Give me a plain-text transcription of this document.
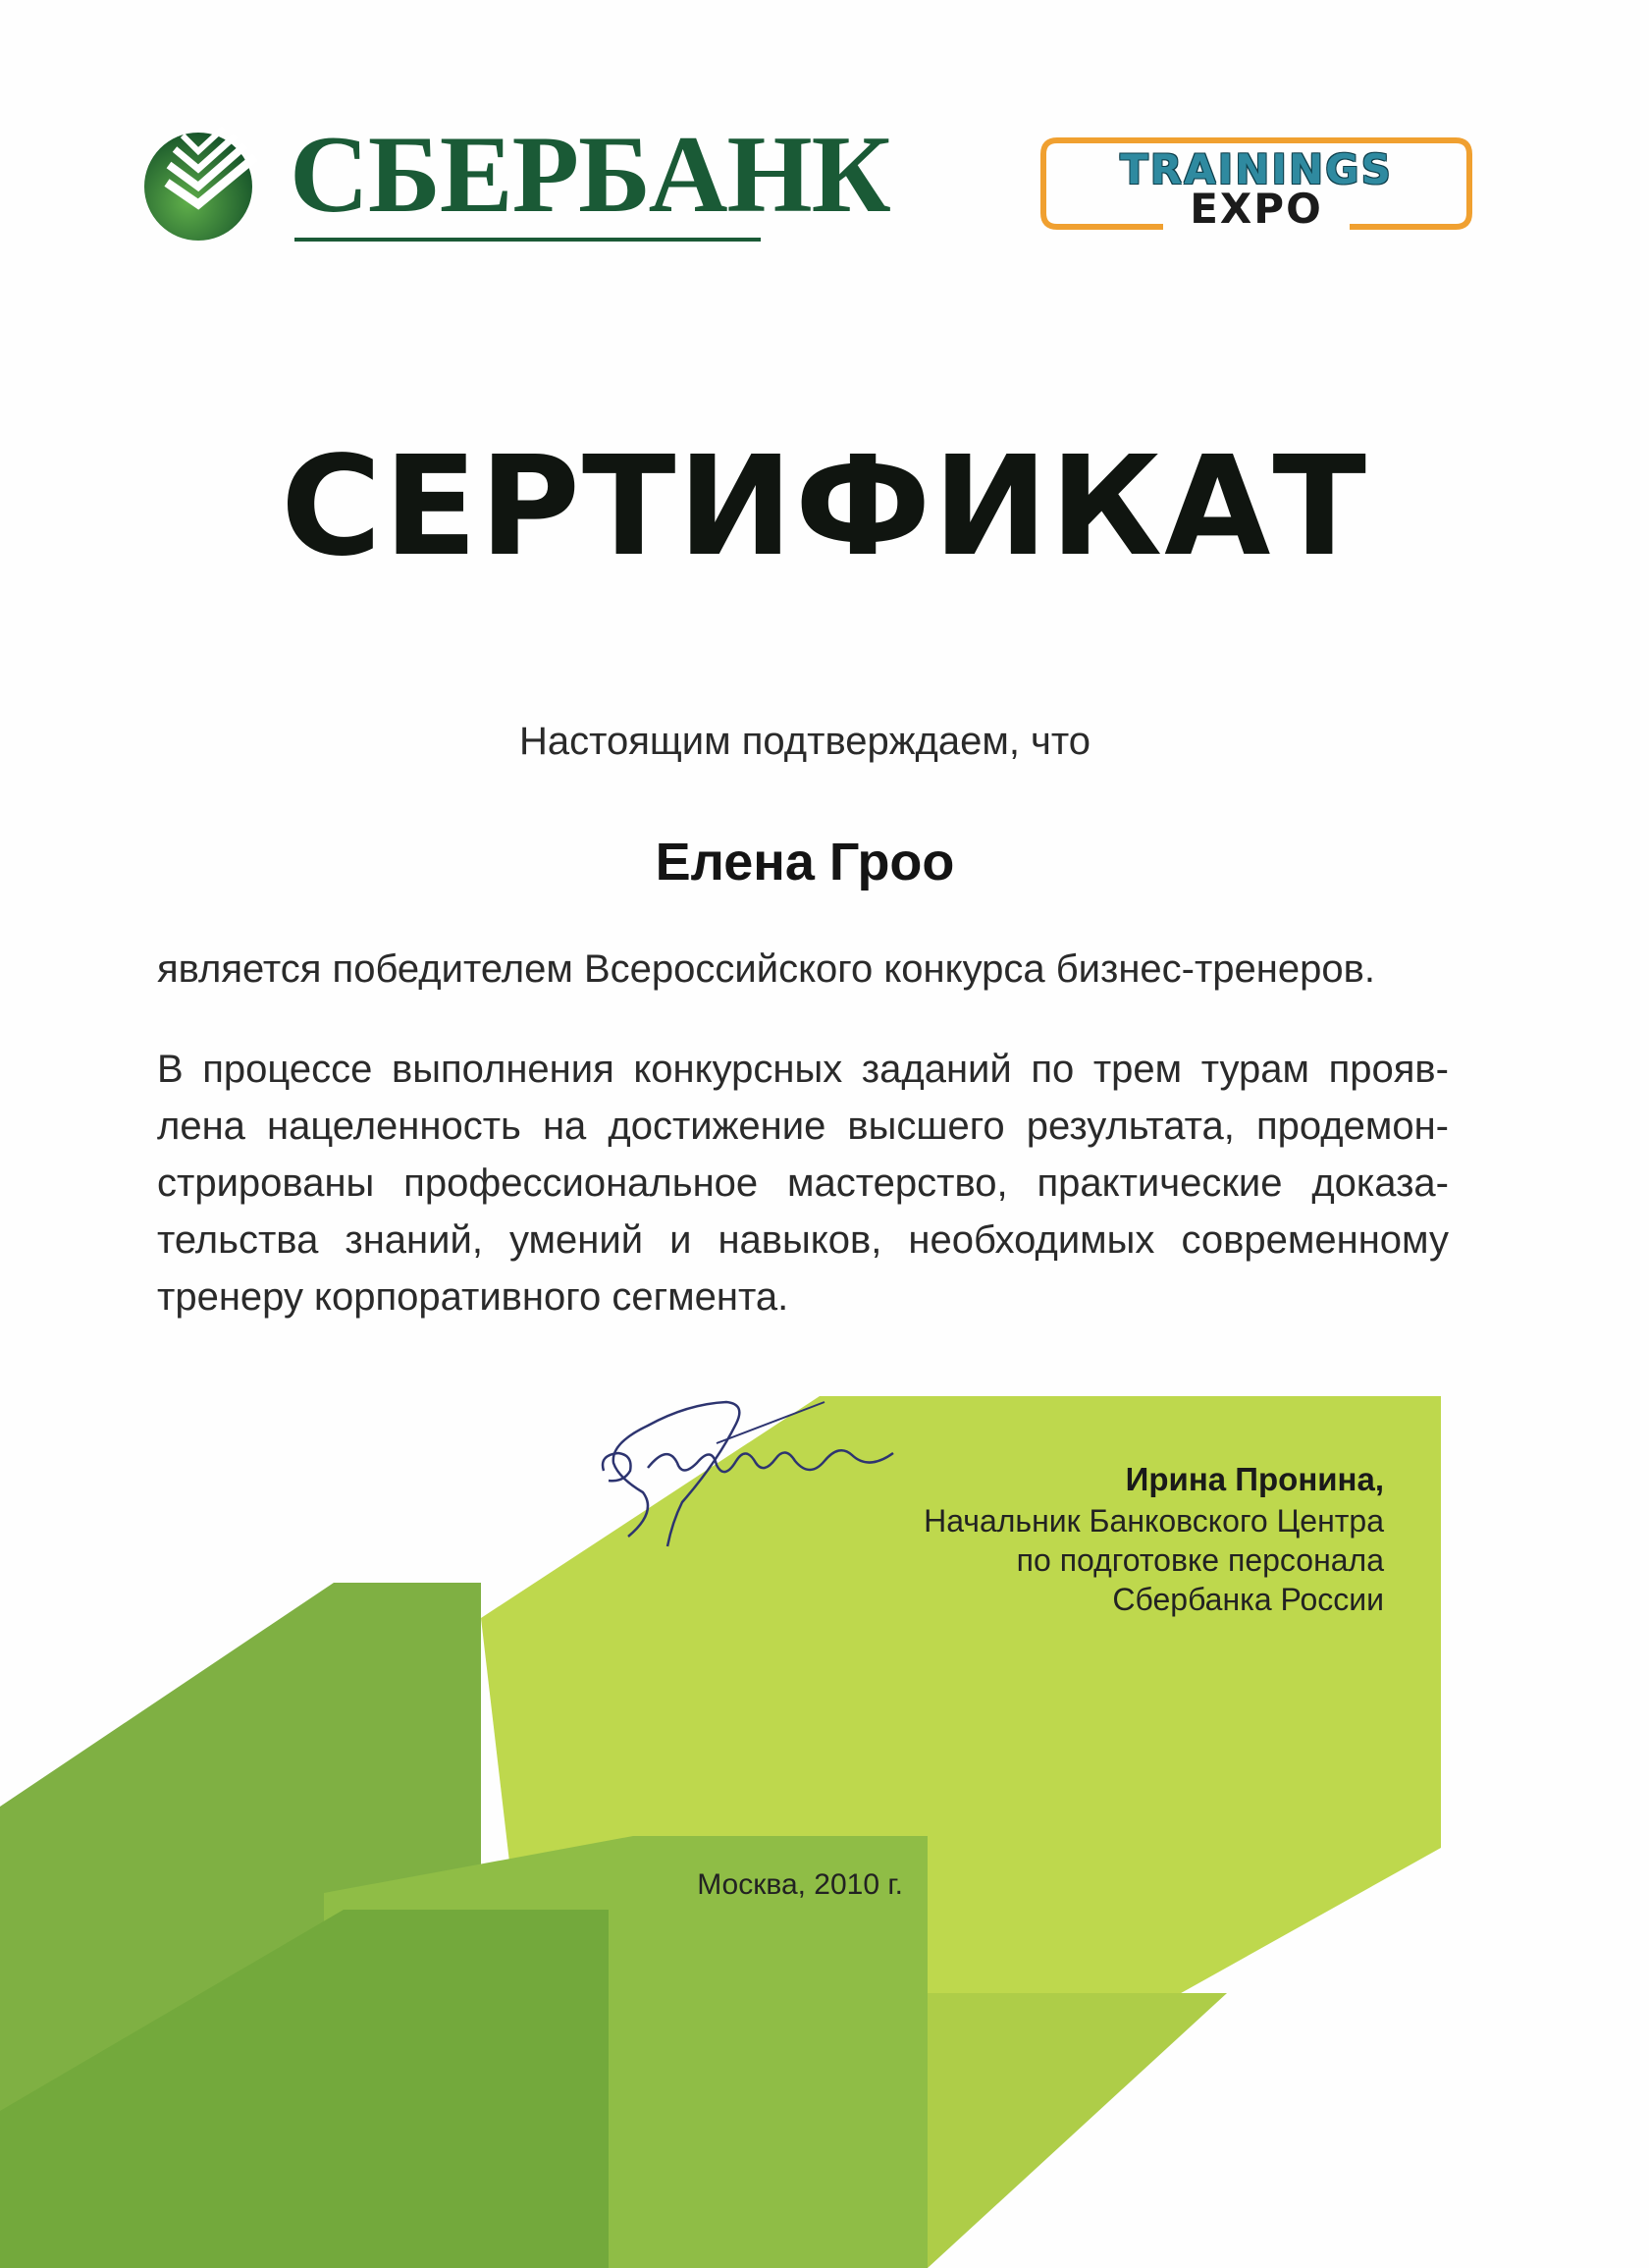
СБЕРБАНК	TRAININGS
EXPO
СЕРТИФИКАТ
Настоящим подтверждаем, что
Елена Гроо
является победителем Всероссийского конкурса бизнес-тренеров.
В процессе выполнения конкурсных заданий по трем турам прояв-
лена нацеленность на достижение высшего результата, продемон-
стрированы профессиональное мастерство, практические доказа-
тельства знаний, умений и навыков, необходимых современному
тренеру корпоративного сегмента.
Ирина Пронина,
Начальник Банковского Центра
по подготовке персонала
Сбербанка России
Москва, 2010 г.
